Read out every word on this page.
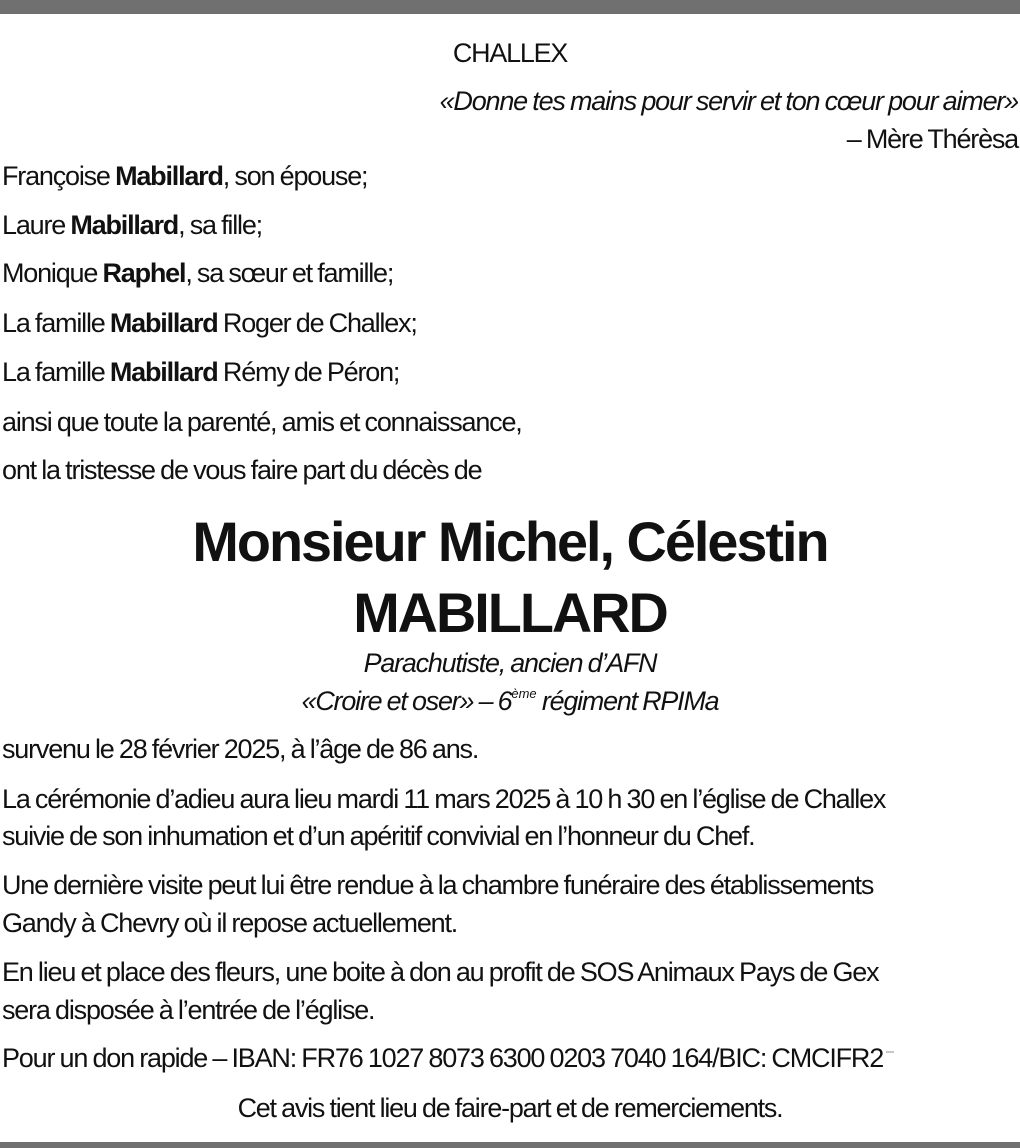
CHALLEX
«Donne tes mains pour servir et ton cœur pour aimer»
– Mère Thérèsa
Françoise Mabillard, son épouse;
Laure Mabillard, sa fille;
Monique Raphel, sa sœur et famille;
La famille Mabillard Roger de Challex;
La famille Mabillard Rémy de Péron;
ainsi que toute la parenté, amis et connaissance,
ont la tristesse de vous faire part du décès de
Monsieur Michel, Célestin
MABILLARD
Parachutiste, ancien d’AFN
«Croire et oser» – 6ème régiment RPIMa
survenu le 28 février 2025, à l’âge de 86 ans.
La cérémonie d’adieu aura lieu mardi 11 mars 2025 à 10 h 30 en l’église de Challex
suivie de son inhumation et d’un apéritif convivial en l’honneur du Chef.
Une dernière visite peut lui être rendue à la chambre funéraire des établissements
Gandy à Chevry où il repose actuellement.
En lieu et place des fleurs, une boite à don au profit de SOS Animaux Pays de Gex
sera disposée à l’entrée de l’église.
Pour un don rapide – IBAN: FR76 1027 8073 6300 0203 7040 164/BIC: CMCIFR2
Cet avis tient lieu de faire-part et de remerciements.
